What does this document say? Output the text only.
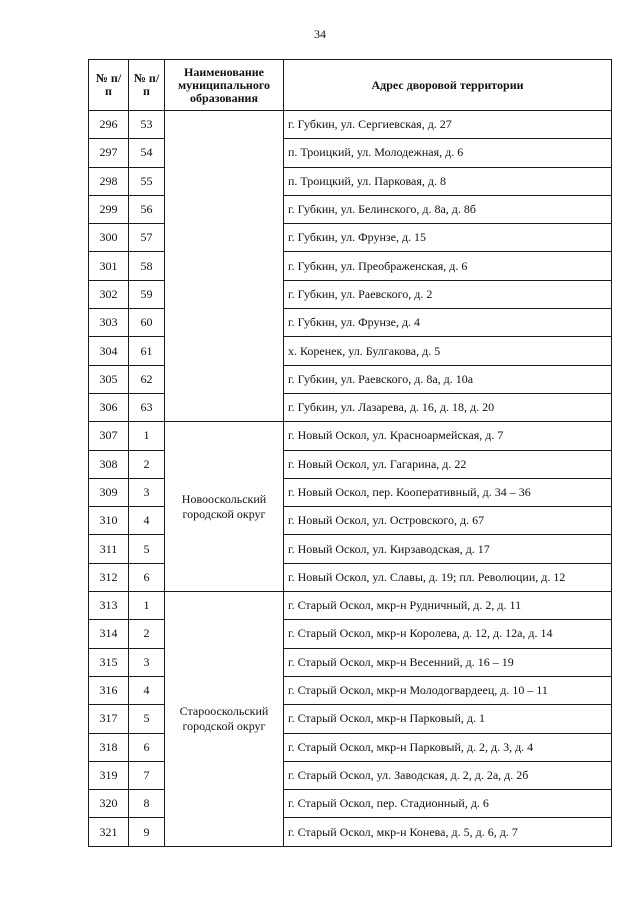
34
№ п/п	№ п/п	Наименование муниципального образования	Адрес дворовой территории
296	53		г. Губкин, ул. Сергиевская, д. 27
297	54		п. Троицкий, ул. Молодежная, д. 6
298	55		п. Троицкий, ул. Парковая, д. 8
299	56		г. Губкин, ул. Белинского, д. 8а, д. 8б
300	57		г. Губкин, ул. Фрунзе, д. 15
301	58		г. Губкин, ул. Преображенская, д. 6
302	59		г. Губкин, ул. Раевского, д. 2
303	60		г. Губкин, ул. Фрунзе, д. 4
304	61		х. Коренек, ул. Булгакова, д. 5
305	62		г. Губкин, ул. Раевского, д. 8а, д. 10а
306	63		г. Губкин, ул. Лазарева, д. 16, д. 18, д. 20
307	1	Новооскольский городской округ	г. Новый Оскол, ул. Красноармейская, д. 7
308	2		г. Новый Оскол, ул. Гагарина, д. 22
309	3		г. Новый Оскол, пер. Кооперативный, д. 34 – 36
310	4		г. Новый Оскол, ул. Островского, д. 67
311	5		г. Новый Оскол, ул. Кирзаводская, д. 17
312	6		г. Новый Оскол, ул. Славы, д. 19; пл. Революции, д. 12
313	1	Старооскольский городской округ	г. Старый Оскол, мкр-н Рудничный, д. 2, д. 11
314	2		г. Старый Оскол, мкр-н Королева, д. 12, д. 12а, д. 14
315	3		г. Старый Оскол, мкр-н Весенний, д. 16 – 19
316	4		г. Старый Оскол, мкр-н Молодогвардеец, д. 10 – 11
317	5		г. Старый Оскол, мкр-н Парковый, д. 1
318	6		г. Старый Оскол, мкр-н Парковый, д. 2, д. 3, д. 4
319	7		г. Старый Оскол, ул. Заводская, д. 2, д. 2а, д. 2б
320	8		г. Старый Оскол, пер. Стадионный, д. 6
321	9		г. Старый Оскол, мкр-н Конева, д. 5, д. 6, д. 7
